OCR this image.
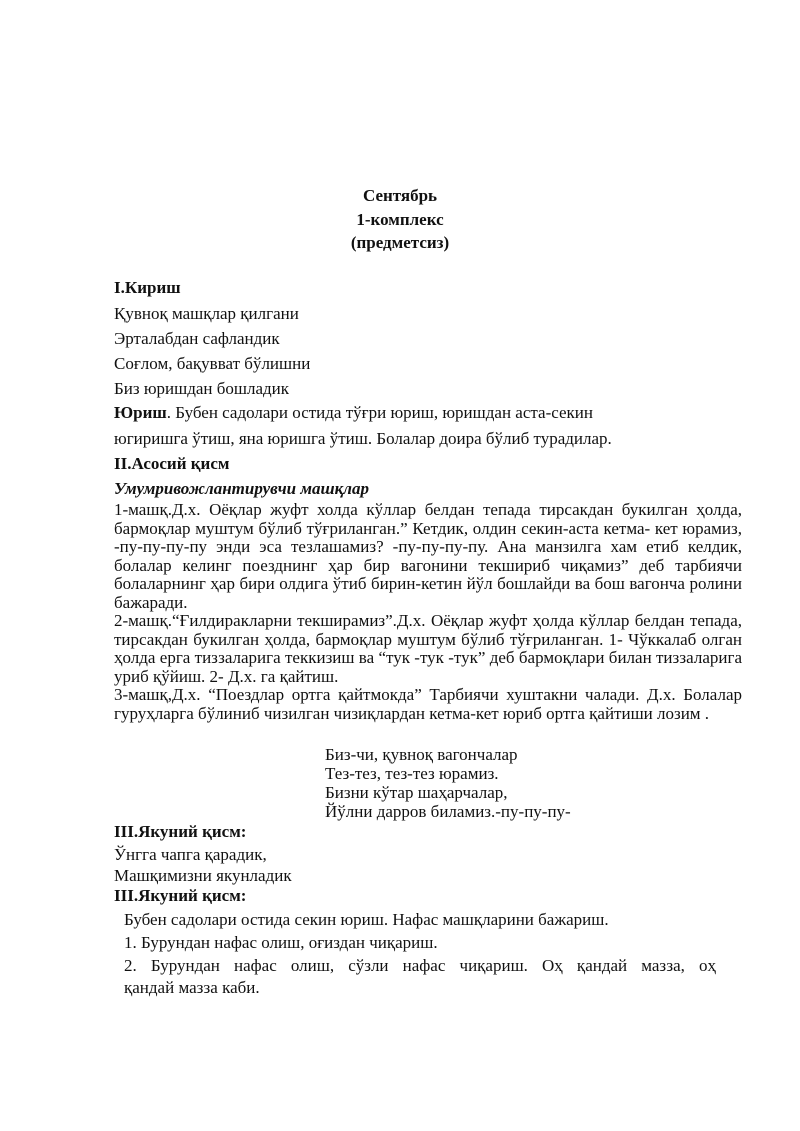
Сентябрь
1-комплекс
(предметсиз)
I.Кириш
Қувноқ машқлар қилгани
Эрталабдан сафландик
Соғлом, бақувват бўлишни
Биз юришдан бошладик
Юриш. Бубен садолари остида тўғри юриш, юришдан аста-секин
югиришга ўтиш, яна юришга ўтиш. Болалар доира бўлиб турадилар.
II.Асосий қисм
Умумривожлантирувчи машқлар
1-машқ.Д.х. Оёқлар жуфт холда кўллар белдан тепада тирсакдан букилган ҳолда, бармоқлар муштум бўлиб тўғриланган.” Кетдик, олдин секин-аста кетма- кет юрамиз, -пу-пу-пу-пу энди эса тезлашамиз? -пу-пу-пу-пу. Ана манзилга хам етиб келдик, болалар келинг поезднинг ҳар бир вагонини текшириб чиқамиз” деб тарбиячи болаларнинг ҳар бири олдига ўтиб бирин-кетин йўл бошлайди ва бош вагонча ролини бажаради.
2-машқ.“Ғилдиракларни текширамиз”.Д.х. Оёқлар жуфт ҳолда кўллар белдан тепада, тирсакдан букилган ҳолда, бармоқлар муштум бўлиб тўғриланган. 1- Чўккалаб олган ҳолда ерга тиззаларига теккизиш ва “тук -тук -тук” деб бармоқлари билан тиззаларига уриб қўйиш. 2- Д.х. га қайтиш.
3-машқ,Д.х. “Поездлар ортга қайтмокда” Тарбиячи хуштакни чалади. Д.х. Болалар гуруҳларга бўлиниб чизилган чизиқлардан кетма-кет юриб ортга қайтиши лозим .
Биз-чи, қувноқ вагончалар
Тез-тез, тез-тез юрамиз.
Бизни кўтар шаҳарчалар,
Йўлни дарров биламиз.-пу-пу-пу-
III.Якуний қисм:
Ўнгга чапга қарадик,
Машқимизни якунладик
III.Якуний қисм:
Бубен садолари остида секин юриш. Нафас машқларини бажариш.
1. Бурундан нафас олиш, оғиздан чиқариш.
2. Бурундан нафас олиш, сўзли нафас чиқариш. Оҳ қандай мазза, оҳ
қандай мазза каби.
